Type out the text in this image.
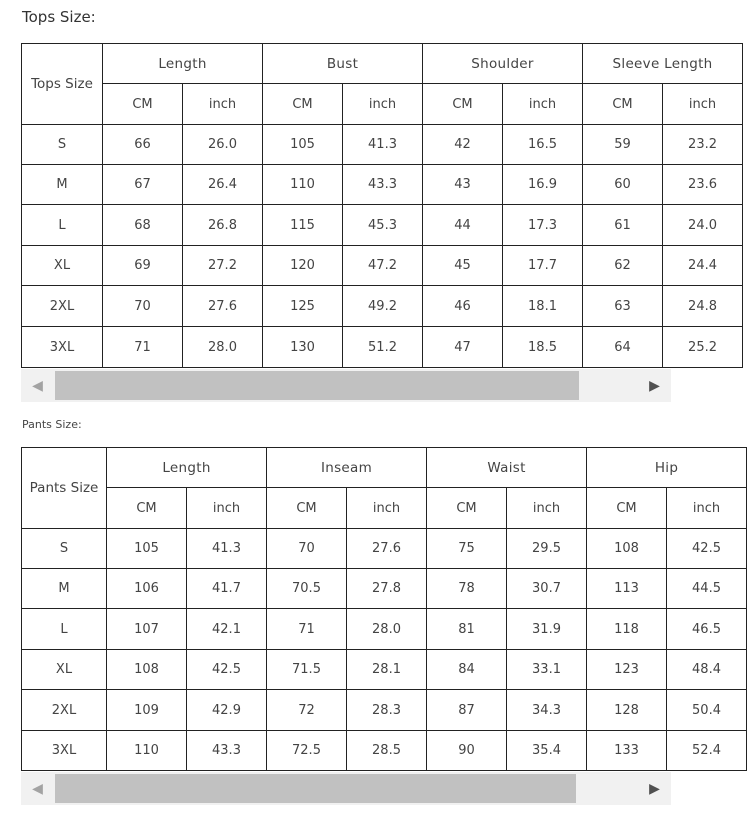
Tops Size:
Tops Size	Length		Bust		Shoulder		Sleeve Length	
	CM	inch	CM	inch	CM	inch	CM	inch
S	66	26.0	105	41.3	42	16.5	59	23.2
M	67	26.4	110	43.3	43	16.9	60	23.6
L	68	26.8	115	45.3	44	17.3	61	24.0
XL	69	27.2	120	47.2	45	17.7	62	24.4
2XL	70	27.6	125	49.2	46	18.1	63	24.8
3XL	71	28.0	130	51.2	47	18.5	64	25.2
◀	▶
Pants Size:
Pants Size	Length		Inseam		Waist		Hip	
	CM	inch	CM	inch	CM	inch	CM	inch
S	105	41.3	70	27.6	75	29.5	108	42.5
M	106	41.7	70.5	27.8	78	30.7	113	44.5
L	107	42.1	71	28.0	81	31.9	118	46.5
XL	108	42.5	71.5	28.1	84	33.1	123	48.4
2XL	109	42.9	72	28.3	87	34.3	128	50.4
3XL	110	43.3	72.5	28.5	90	35.4	133	52.4
◀	▶
